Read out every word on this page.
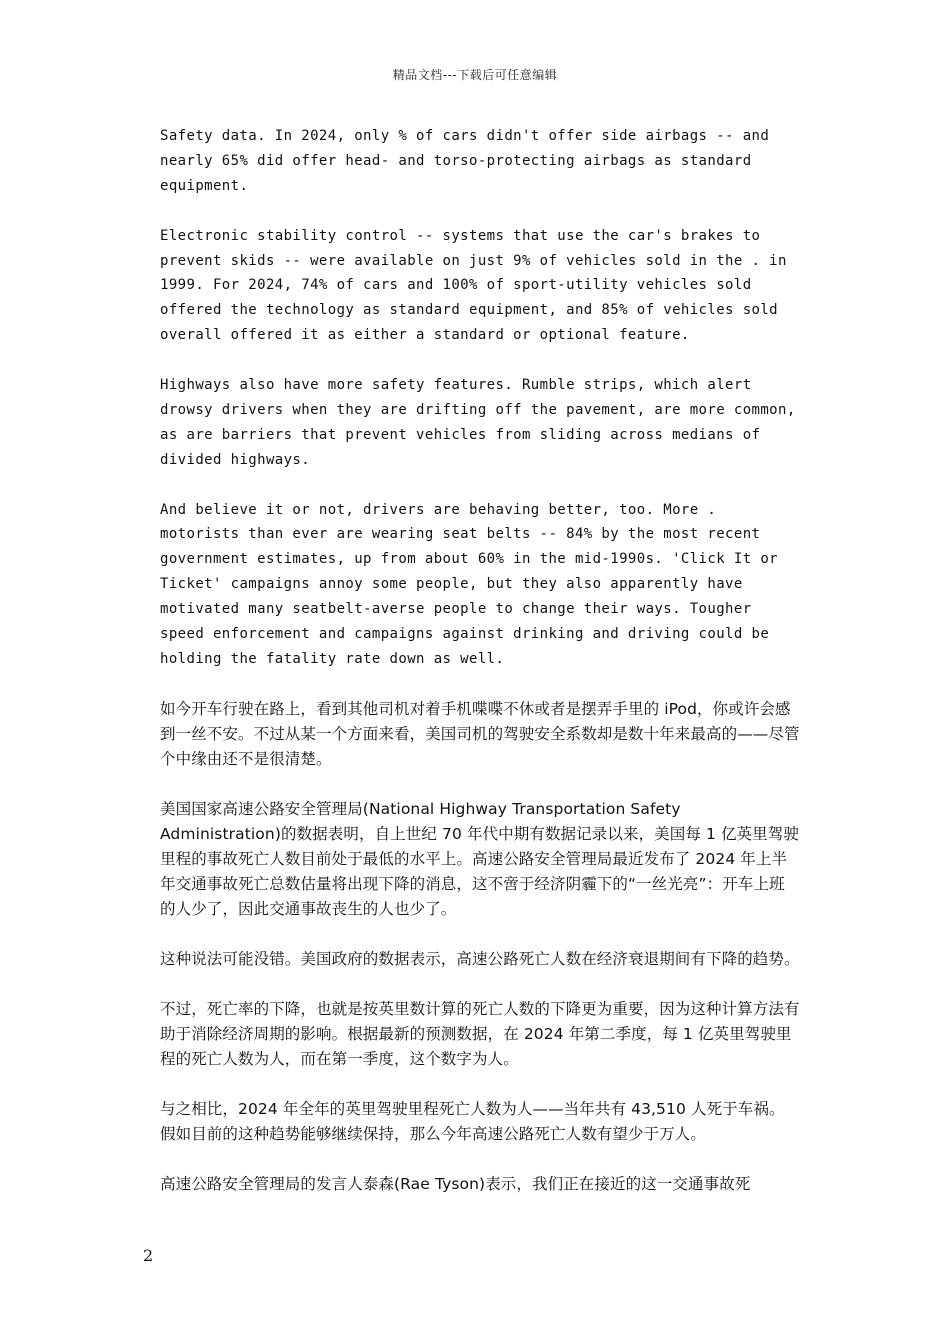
精品文档---下载后可任意编辑

Safety data. In 2024, only % of cars didn't offer side airbags -- and nearly 65% did offer head- and torso-protecting airbags as standard equipment.

Electronic stability control -- systems that use the car's brakes to prevent skids -- were available on just 9% of vehicles sold in the . in 1999. For 2024, 74% of cars and 100% of sport-utility vehicles sold offered the technology as standard equipment, and 85% of vehicles sold overall offered it as either a standard or optional feature.

Highways also have more safety features. Rumble strips, which alert drowsy drivers when they are drifting off the pavement, are more common, as are barriers that prevent vehicles from sliding across medians of divided highways.

And believe it or not, drivers are behaving better, too. More . motorists than ever are wearing seat belts -- 84% by the most recent government estimates, up from about 60% in the mid-1990s. 'Click It or Ticket' campaigns annoy some people, but they also apparently have motivated many seatbelt-averse people to change their ways. Tougher speed enforcement and campaigns against drinking and driving could be holding the fatality rate down as well.

如今开车行驶在路上，看到其他司机对着手机喋喋不休或者是摆弄手里的 iPod，你或许会感到一丝不安。不过从某一个方面来看，美国司机的驾驶安全系数却是数十年来最高的——尽管个中缘由还不是很清楚。

美国国家高速公路安全管理局(National Highway Transportation Safety Administration)的数据表明，自上世纪 70 年代中期有数据记录以来，美国每 1 亿英里驾驶里程的事故死亡人数目前处于最低的水平上。高速公路安全管理局最近发布了 2024 年上半年交通事故死亡总数估量将出现下降的消息，这不啻于经济阴霾下的“一丝光亮”：开车上班的人少了，因此交通事故丧生的人也少了。

这种说法可能没错。美国政府的数据表示，高速公路死亡人数在经济衰退期间有下降的趋势。

不过，死亡率的下降，也就是按英里数计算的死亡人数的下降更为重要，因为这种计算方法有助于消除经济周期的影响。根据最新的预测数据，在 2024 年第二季度，每 1 亿英里驾驶里程的死亡人数为人，而在第一季度，这个数字为人。

与之相比，2024 年全年的英里驾驶里程死亡人数为人——当年共有 43,510 人死于车祸。假如目前的这种趋势能够继续保持，那么今年高速公路死亡人数有望少于万人。

高速公路安全管理局的发言人泰森(Rae Tyson)表示，我们正在接近的这一交通事故死

2
